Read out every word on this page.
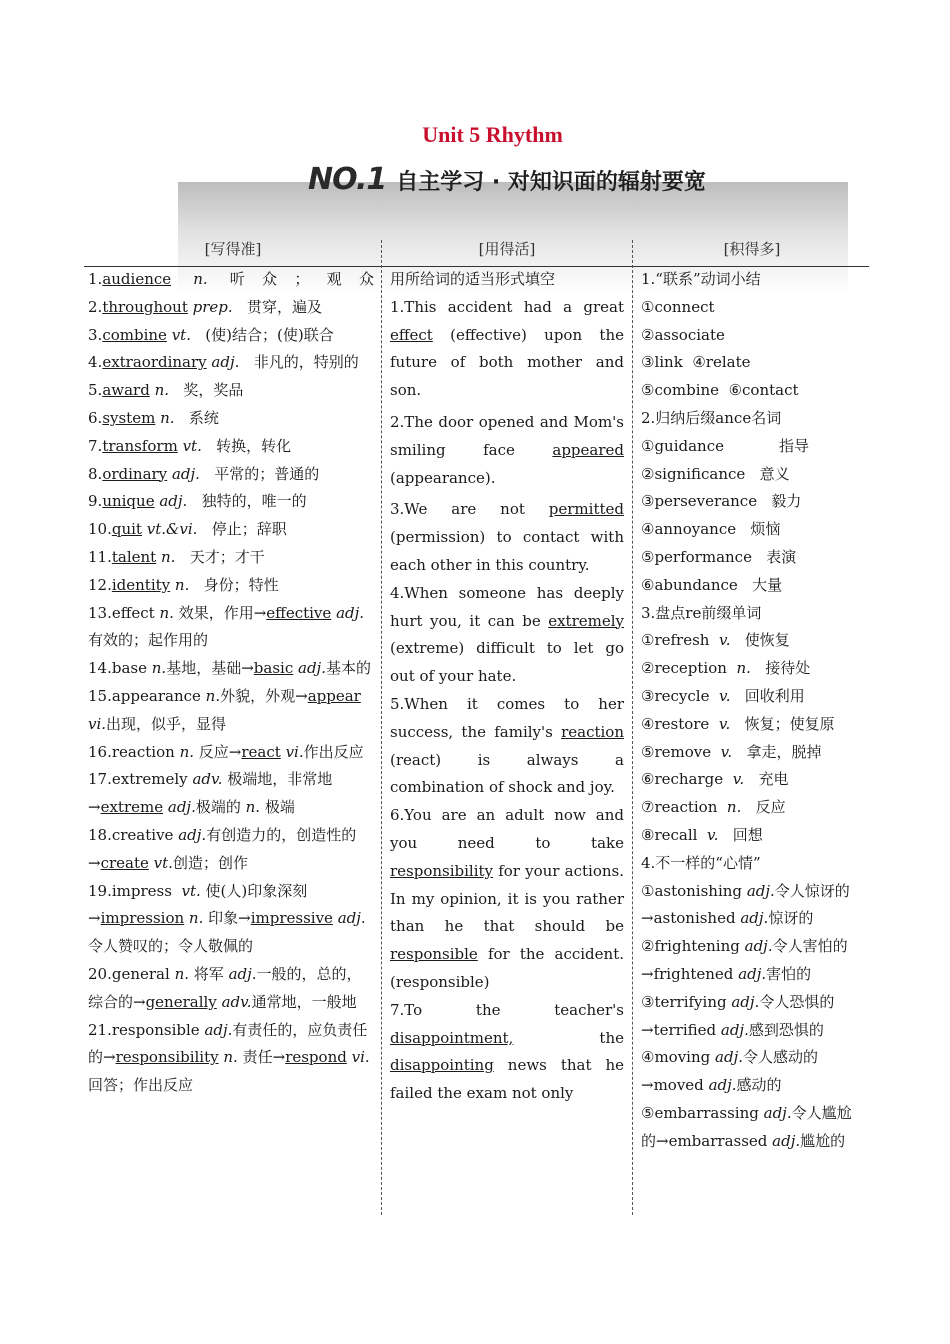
Unit 5 Rhythm
NO.1 自主学习 · 对知识面的辐射要宽
[写得准]	[用得活]	[积得多]
1.audience n. 听众；观众
2.throughout prep. 贯穿，遍及
3.combine vt. (使)结合；(使)联合
4.extraordinary adj. 非凡的，特别的
5.award n. 奖，奖品
6.system n. 系统
7.transform vt. 转换，转化
8.ordinary adj. 平常的；普通的
9.unique adj. 独特的，唯一的
10.quit vt.&vi. 停止；辞职
11.talent n. 天才；才干
12.identity n. 身份；特性
13.effect n. 效果，作用→effective adj.有效的；起作用的
14.base n.基地，基础→basic adj.基本的
15.appearance n.外貌，外观→appear vi.出现，似乎，显得
16.reaction n. 反应→react vi.作出反应
17.extremely adv. 极端地，非常地→extreme adj.极端的 n. 极端
18.creative adj.有创造力的，创造性的→create vt.创造；创作
19.impress vt. 使(人)印象深刻→impression n. 印象→impressive adj.令人赞叹的；令人敬佩的
20.general n. 将军 adj.一般的，总的，综合的→generally adv.通常地，一般地
21.responsible adj.有责任的，应负责任的→responsibility n. 责任→respond vi.回答；作出反应
用所给词的适当形式填空
1.This accident had a great effect (effective) upon the future of both mother and son.
2.The door opened and Mom's smiling face appeared (appearance).
3.We are not permitted (permission) to contact with each other in this country.
4.When someone has deeply hurt you, it can be extremely (extreme) difficult to let go out of your hate.
5.When it comes to her success, the family's reaction (react) is always a combination of shock and joy.
6.You are an adult now and you need to take responsibility for your actions. In my opinion, it is you rather than he that should be responsible for the accident.(responsible)
7.To the teacher's disappointment, the disappointing news that he failed the exam not only
1.“联系”动词小结
①connect
②associate
③link  ④relate
⑤combine  ⑥contact
2.归纳后缀ance名词
①guidance	指导
②significance 意义
③perseverance 毅力
④annoyance 烦恼
⑤performance 表演
⑥abundance 大量
3.盘点re前缀单词
①refresh v. 使恢复
②reception n. 接待处
③recycle v. 回收利用
④restore v. 恢复；使复原
⑤remove v. 拿走，脱掉
⑥recharge v. 充电
⑦reaction n. 反应
⑧recall v. 回想
4.不一样的“心情”
①astonishing adj.令人惊讶的→astonished adj.惊讶的
②frightening adj.令人害怕的→frightened adj.害怕的
③terrifying adj.令人恐惧的→terrified adj.感到恐惧的
④moving adj.令人感动的→moved adj.感动的
⑤embarrassing adj.令人尴尬的→embarrassed adj.尴尬的
